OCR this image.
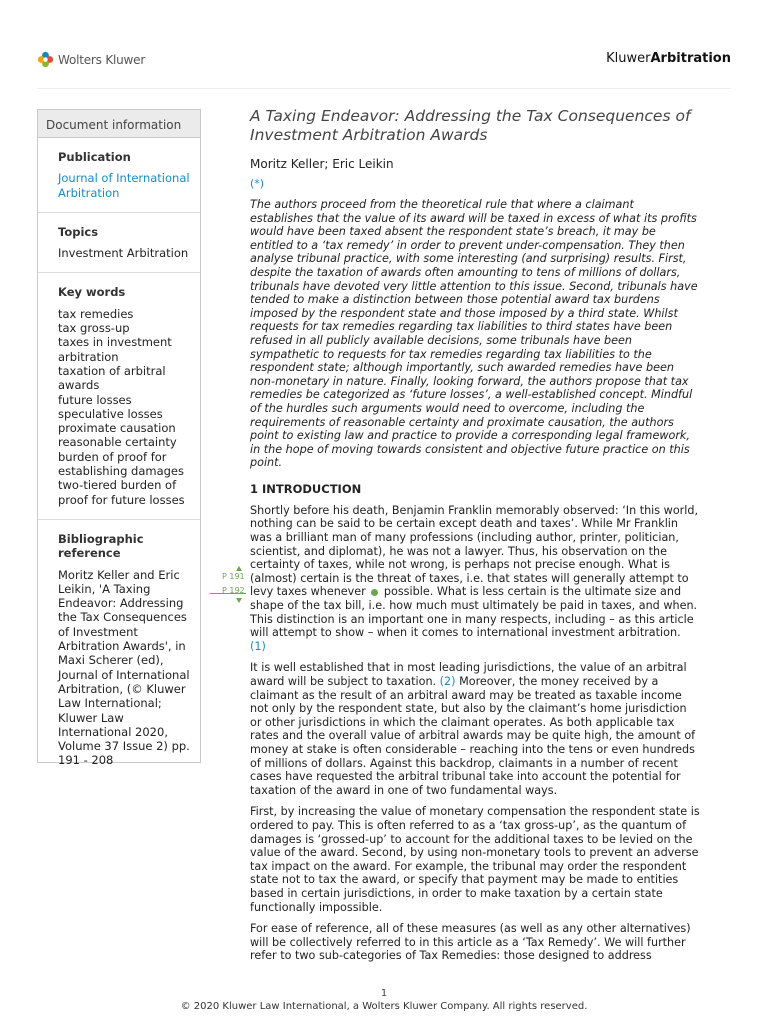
Wolters Kluwer	KluwerArbitration
Document information
Publication
Journal of International
Arbitration
Topics
Investment Arbitration
Key words
tax remedies
tax gross-up
taxes in investment
arbitration
taxation of arbitral
awards
future losses
speculative losses
proximate causation
reasonable certainty
burden of proof for
establishing damages
two-tiered burden of
proof for future losses
Bibliographic reference
Moritz Keller and Eric
Leikin, 'A Taxing
Endeavor: Addressing
the Tax Consequences
of Investment
Arbitration Awards', in
Maxi Scherer (ed),
Journal of International
Arbitration, (© Kluwer
Law International;
Kluwer Law
International 2020,
Volume 37 Issue 2) pp.
191 - 208
P 191
P 192
A Taxing Endeavor: Addressing the Tax Consequences of
Investment Arbitration Awards
Moritz Keller; Eric Leikin
(*)
The authors proceed from the theoretical rule that where a claimant establishes that the value of its award will be taxed in excess of what its profits would have been taxed absent the respondent state’s breach, it may be entitled to a ‘tax remedy’ in order to prevent under-compensation. They then analyse tribunal practice, with some interesting (and surprising) results. First, despite the taxation of awards often amounting to tens of millions of dollars, tribunals have devoted very little attention to this issue. Second, tribunals have tended to make a distinction between those potential award tax burdens imposed by the respondent state and those imposed by a third state. Whilst requests for tax remedies regarding tax liabilities to third states have been refused in all publicly available decisions, some tribunals have been sympathetic to requests for tax remedies regarding tax liabilities to the respondent state; although importantly, such awarded remedies have been non-monetary in nature. Finally, looking forward, the authors propose that tax remedies be categorized as ‘future losses’, a well-established concept. Mindful of the hurdles such arguments would need to overcome, including the requirements of reasonable certainty and proximate causation, the authors point to existing law and practice to provide a corresponding legal framework, in the hope of moving towards consistent and objective future practice on this point.
1 INTRODUCTION
Shortly before his death, Benjamin Franklin memorably observed: ‘In this world, nothing can be said to be certain except death and taxes’. While Mr Franklin was a brilliant man of many professions (including author, printer, politician, scientist, and diplomat), he was not a lawyer. Thus, his observation on the certainty of taxes, while not wrong, is perhaps not precise enough. What is (almost) certain is the threat of taxes, i.e. that states will generally attempt to levy taxes whenever possible. What is less certain is the ultimate size and shape of the tax bill, i.e. how much must ultimately be paid in taxes, and when. This distinction is an important one in many respects, including – as this article will attempt to show – when it comes to international investment arbitration. (1)
It is well established that in most leading jurisdictions, the value of an arbitral award will be subject to taxation. (2) Moreover, the money received by a claimant as the result of an arbitral award may be treated as taxable income not only by the respondent state, but also by the claimant’s home jurisdiction or other jurisdictions in which the claimant operates. As both applicable tax rates and the overall value of arbitral awards may be quite high, the amount of money at stake is often considerable – reaching into the tens or even hundreds of millions of dollars. Against this backdrop, claimants in a number of recent cases have requested the arbitral tribunal take into account the potential for taxation of the award in one of two fundamental ways.
First, by increasing the value of monetary compensation the respondent state is ordered to pay. This is often referred to as a ‘tax gross-up’, as the quantum of damages is ‘grossed-up’ to account for the additional taxes to be levied on the value of the award. Second, by using non-monetary tools to prevent an adverse tax impact on the award. For example, the tribunal may order the respondent state not to tax the award, or specify that payment may be made to entities based in certain jurisdictions, in order to make taxation by a certain state functionally impossible.
For ease of reference, all of these measures (as well as any other alternatives) will be collectively referred to in this article as a ‘Tax Remedy’. We will further refer to two sub-categories of Tax Remedies: those designed to address
1
© 2020 Kluwer Law International, a Wolters Kluwer Company. All rights reserved.
